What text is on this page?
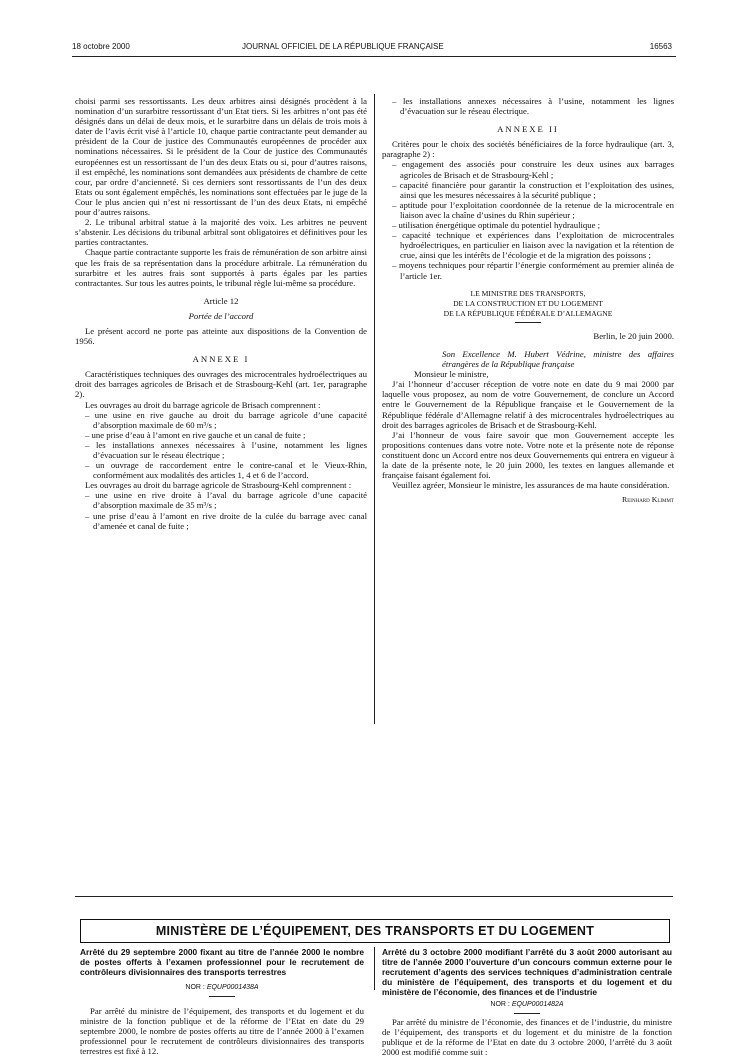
18 octobre 2000	JOURNAL OFFICIEL DE LA RÉPUBLIQUE FRANÇAISE	16563

choisi parmi ses ressortissants. Les deux arbitres ainsi désignés procèdent à la nomination d’un surarbitre ressortissant d’un Etat tiers. Si les arbitres n’ont pas été désignés dans un délai de deux mois, et le surarbitre dans un délais de trois mois à dater de l’avis écrit visé à l’article 10, chaque partie contractante peut demander au président de la Cour de justice des Communautés européennes de procéder aux nominations nécessaires. Si le président de la Cour de justice des Communautés européennes est un ressortissant de l’un des deux Etats ou si, pour d’autres raisons, il est empêché, les nominations sont demandées aux présidents de chambre de cette cour, par ordre d’ancienneté. Si ces derniers sont ressortissants de l’un des deux Etats ou sont également empêchés, les nominations sont effectuées par le juge de la Cour le plus ancien qui n’est ni ressortissant de l’un des deux Etats, ni empêché pour d’autres raisons.

2. Le tribunal arbitral statue à la majorité des voix. Les arbitres ne peuvent s’abstenir. Les décisions du tribunal arbitral sont obligatoires et définitives pour les parties contractantes.

Chaque partie contractante supporte les frais de rémunération de son arbitre ainsi que les frais de sa représentation dans la procédure arbitrale. La rémunération du surarbitre et les autres frais sont supportés à parts égales par les parties contractantes. Sur tous les autres points, le tribunal règle lui-même sa procédure.

Article 12

Portée de l’accord

Le présent accord ne porte pas atteinte aux dispositions de la Convention de 1956.

ANNEXE I

Caractéristiques techniques des ouvrages des microcentrales hydroélectriques au droit des barrages agricoles de Brisach et de Strasbourg-Kehl (art. 1er, paragraphe 2).

Les ouvrages au droit du barrage agricole de Brisach comprennent :

– une usine en rive gauche au droit du barrage agricole d’une capacité d’absorption maximale de 60 m³/s ;
– une prise d’eau à l’amont en rive gauche et un canal de fuite ;
– les installations annexes nécessaires à l’usine, notamment les lignes d’évacuation sur le réseau électrique ;
– un ouvrage de raccordement entre le contre-canal et le Vieux-Rhin, conformément aux modalités des articles 1, 4 et 6 de l’accord.

Les ouvrages au droit du barrage agricole de Strasbourg-Kehl comprennent :

– une usine en rive droite à l’aval du barrage agricole d’une capacité d’absorption maximale de 35 m³/s ;
– une prise d’eau à l’amont en rive droite de la culée du barrage avec canal d’amenée et canal de fuite ;
– les installations annexes nécessaires à l’usine, notamment les lignes d’évacuation sur le réseau électrique.

ANNEXE II

Critères pour le choix des sociétés bénéficiaires de la force hydraulique (art. 3, paragraphe 2) :

– engagement des associés pour construire les deux usines aux barrages agricoles de Brisach et de Strasbourg-Kehl ;
– capacité financière pour garantir la construction et l’exploitation des usines, ainsi que les mesures nécessaires à la sécurité publique ;
– aptitude pour l’exploitation coordonnée de la retenue de la microcentrale en liaison avec la chaîne d’usines du Rhin supérieur ;
– utilisation énergétique optimale du potentiel hydraulique ;
– capacité technique et expériences dans l’exploitation de microcentrales hydroélectriques, en particulier en liaison avec la navigation et la rétention de crue, ainsi que les intérêts de l’écologie et de la migration des poissons ;
– moyens techniques pour répartir l’énergie conformément au premier alinéa de l’article 1er.

LE MINISTRE DES TRANSPORTS,

DE LA CONSTRUCTION ET DU LOGEMENT

DE LA RÉPUBLIQUE FÉDÉRALE D’ALLEMAGNE

Berlin, le 20 juin 2000.

Son Excellence M. Hubert Védrine, ministre des affaires étrangères de la République française

Monsieur le ministre,

J’ai l’honneur d’accuser réception de votre note en date du 9 mai 2000 par laquelle vous proposez, au nom de votre Gouvernement, de conclure un Accord entre le Gouvernement de la République française et le Gouvernement de la République fédérale d’Allemagne relatif à des microcentrales hydroélectriques au droit des barrages agricoles de Brisach et de Strasbourg-Kehl.

J’ai l’honneur de vous faire savoir que mon Gouvernement accepte les propositions contenues dans votre note. Votre note et la présente note de réponse constituent donc un Accord entre nos deux Gouvernements qui entrera en vigueur à la date de la présente note, le 20 juin 2000, les textes en langues allemande et française faisant également foi.

Veuillez agréer, Monsieur le ministre, les assurances de ma haute considération.

Reinhard Klimmt

MINISTÈRE DE L’ÉQUIPEMENT, DES TRANSPORTS ET DU LOGEMENT
Arrêté du 29 septembre 2000 fixant au titre de l’année 2000 le nombre de postes offerts à l’examen professionnel pour le recrutement de contrôleurs divisionnaires des transports terrestres
NOR : EQUP0001438A

Par arrêté du ministre de l’équipement, des transports et du logement et du ministre de la fonction publique et de la réforme de l’Etat en date du 29 septembre 2000, le nombre de postes offerts au titre de l’année 2000 à l’examen professionnel pour le recrutement de contrôleurs divisionnaires des transports terrestres est fixé à 12.

Arrêté du 3 octobre 2000 modifiant l’arrêté du 3 août 2000 autorisant au titre de l’année 2000 l’ouverture d’un concours commun externe pour le recrutement d’agents des services techniques d’administration centrale du ministère de l’équipement, des transports et du logement et du ministère de l’économie, des finances et de l’industrie
NOR : EQUP0001482A

Par arrêté du ministre de l’économie, des finances et de l’industrie, du ministre de l’équipement, des transports et du logement et du ministre de la fonction publique et de la réforme de l’Etat en date du 3 octobre 2000, l’arrêté du 3 août 2000 est modifié comme suit :
